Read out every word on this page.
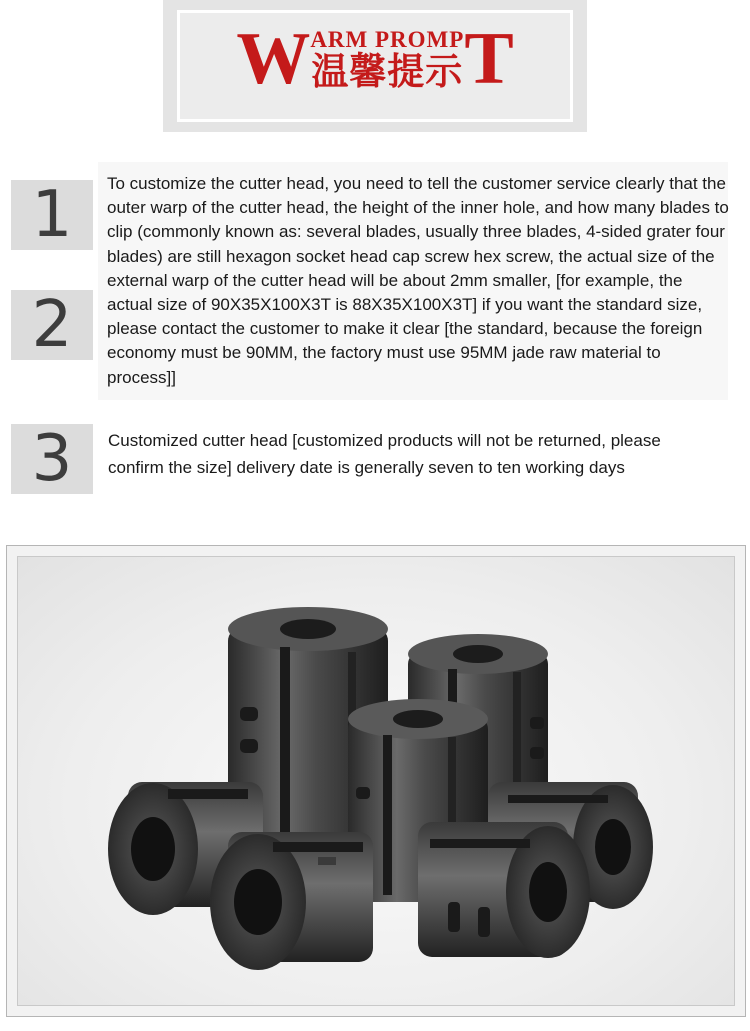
W ARM PROMP
温馨提示 T
1
2
3
To customize the cutter head, you need to tell the customer service clearly that the outer warp of the cutter head, the height of the inner hole, and how many blades to clip (commonly known as: several blades, usually three blades, 4-sided grater four blades) are still hexagon socket head cap screw hex screw, the actual size of the external warp of the cutter head will be about 2mm smaller, [for example, the actual size of 90X35X100X3T is 88X35X100X3T] if you want the standard size, please contact the customer to make it clear [the standard, because the foreign economy must be 90MM, the factory must use 95MM jade raw material to process]]
Customized cutter head [customized products will not be returned, please confirm the size] delivery date is generally seven to ten working days
